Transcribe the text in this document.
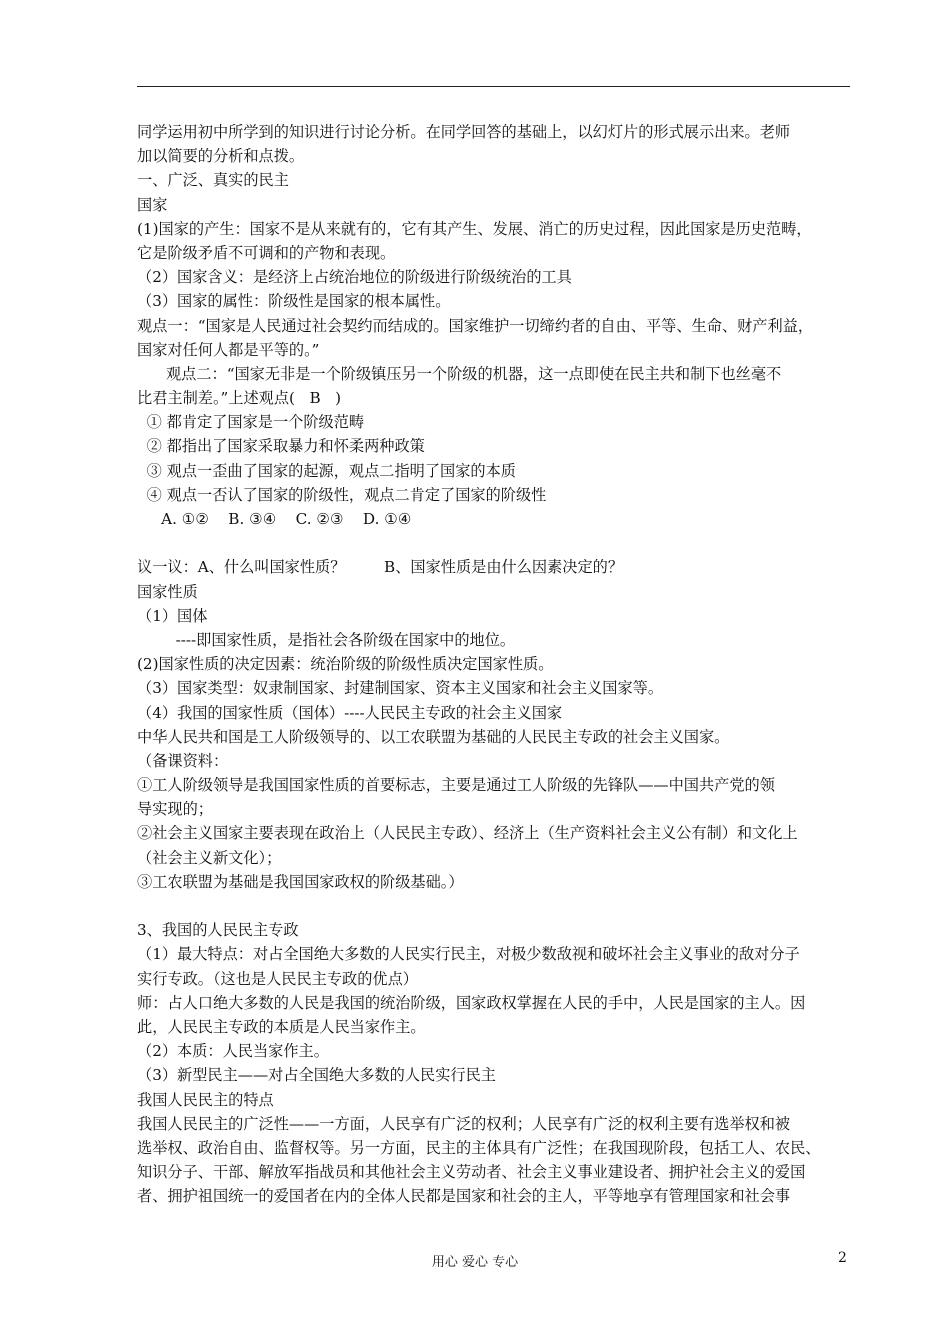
同学运用初中所学到的知识进行讨论分析。在同学回答的基础上，以幻灯片的形式展示出来。老师
加以简要的分析和点拨。
一、广泛、真实的民主
国家
(1)国家的产生：国家不是从来就有的，它有其产生、发展、消亡的历史过程，因此国家是历史范畴，
它是阶级矛盾不可调和的产物和表现。
（2）国家含义：是经济上占统治地位的阶级进行阶级统治的工具
（3）国家的属性：阶级性是国家的根本属性。
观点一：“国家是人民通过社会契约而结成的。国家维护一切缔约者的自由、平等、生命、财产利益，
国家对任何人都是平等的。”
观点二：“国家无非是一个阶级镇压另一个阶级的机器，这一点即使在民主共和制下也丝毫不
比君主制差。”上述观点(   B   )
① 都肯定了国家是一个阶级范畴
② 都指出了国家采取暴力和怀柔两种政策
③ 观点一歪曲了国家的起源，观点二指明了国家的本质
④ 观点一否认了国家的阶级性，观点二肯定了国家的阶级性
A. ①②    B. ③④    C. ②③    D. ①④
议一议：A、什么叫国家性质？        B、国家性质是由什么因素决定的？
国家性质
（1）国体
----即国家性质，是指社会各阶级在国家中的地位。
(2)国家性质的决定因素：统治阶级的阶级性质决定国家性质。
（3）国家类型：奴隶制国家、封建制国家、资本主义国家和社会主义国家等。
（4）我国的国家性质（国体）----人民民主专政的社会主义国家
中华人民共和国是工人阶级领导的、以工农联盟为基础的人民民主专政的社会主义国家。
（备课资料：
①工人阶级领导是我国国家性质的首要标志，主要是通过工人阶级的先锋队——中国共产党的领
导实现的；
②社会主义国家主要表现在政治上（人民民主专政）、经济上（生产资料社会主义公有制）和文化上
（社会主义新文化）；
③工农联盟为基础是我国国家政权的阶级基础。）
3、我国的人民民主专政
（1）最大特点：对占全国绝大多数的人民实行民主，对极少数敌视和破坏社会主义事业的敌对分子
实行专政。（这也是人民民主专政的优点）
师：占人口绝大多数的人民是我国的统治阶级，国家政权掌握在人民的手中，人民是国家的主人。因
此，人民民主专政的本质是人民当家作主。
（2）本质：人民当家作主。
（3）新型民主——对占全国绝大多数的人民实行民主
我国人民民主的特点
我国人民民主的广泛性——一方面，人民享有广泛的权利；人民享有广泛的权利主要有选举权和被
选举权、政治自由、监督权等。另一方面，民主的主体具有广泛性；在我国现阶段，包括工人、农民、
知识分子、干部、解放军指战员和其他社会主义劳动者、社会主义事业建设者、拥护社会主义的爱国
者、拥护祖国统一的爱国者在内的全体人民都是国家和社会的主人，平等地享有管理国家和社会事
用心 爱心 专心	2
